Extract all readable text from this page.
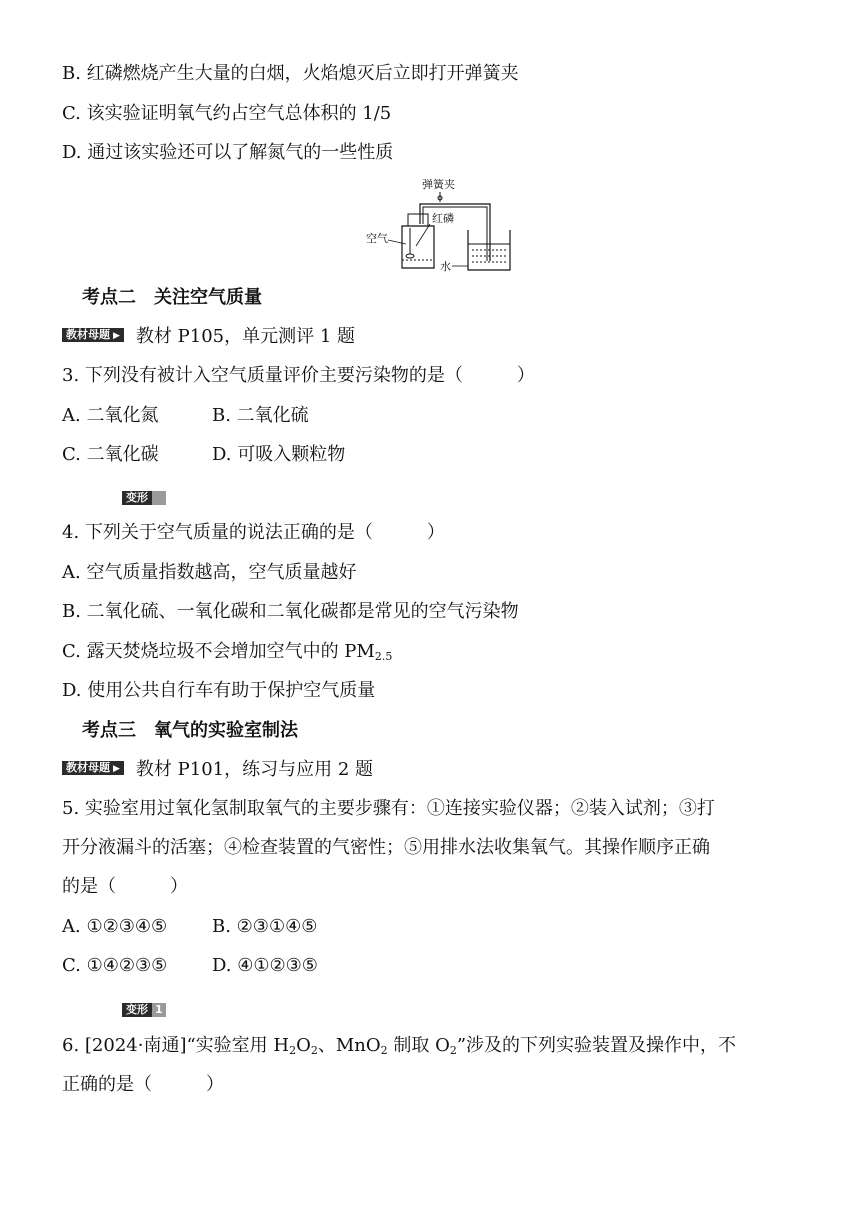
B. 红磷燃烧产生大量的白烟，火焰熄灭后立即打开弹簧夹
C. 该实验证明氧气约占空气总体积的 1/5
D. 通过该实验还可以了解氮气的一些性质
弹簧夹
红磷
空气
水
考点二　关注空气质量
教材母题 ▶ 教材 P105，单元测评 1 题
3. 下列没有被计入空气质量评价主要污染物的是（　　　）
A. 二氧化氮	B. 二氧化硫
C. 二氧化碳	D. 可吸入颗粒物
变形
4. 下列关于空气质量的说法正确的是（　　　）
A. 空气质量指数越高，空气质量越好
B. 二氧化硫、一氧化碳和二氧化碳都是常见的空气污染物
C. 露天焚烧垃圾不会增加空气中的 $PM_{2.5}$
D. 使用公共自行车有助于保护空气质量
考点三　氧气的实验室制法
教材母题 ▶ 教材 P101，练习与应用 2 题
5. 实验室用过氧化氢制取氧气的主要步骤有：①连接实验仪器；②装入试剂；③打
开分液漏斗的活塞；④检查装置的气密性；⑤用排水法收集氧气。其操作顺序正确
的是（　　　）
A. ①②③④⑤ B. ②③①④⑤
C. ①④②③⑤ D. ④①②③⑤
变形 1
6. [2024·南通]“实验室用 $H_2O_2$、MnO$_2$ 制取 $O_2$”涉及的下列实验装置及操作中，不
正确的是（　　　）
